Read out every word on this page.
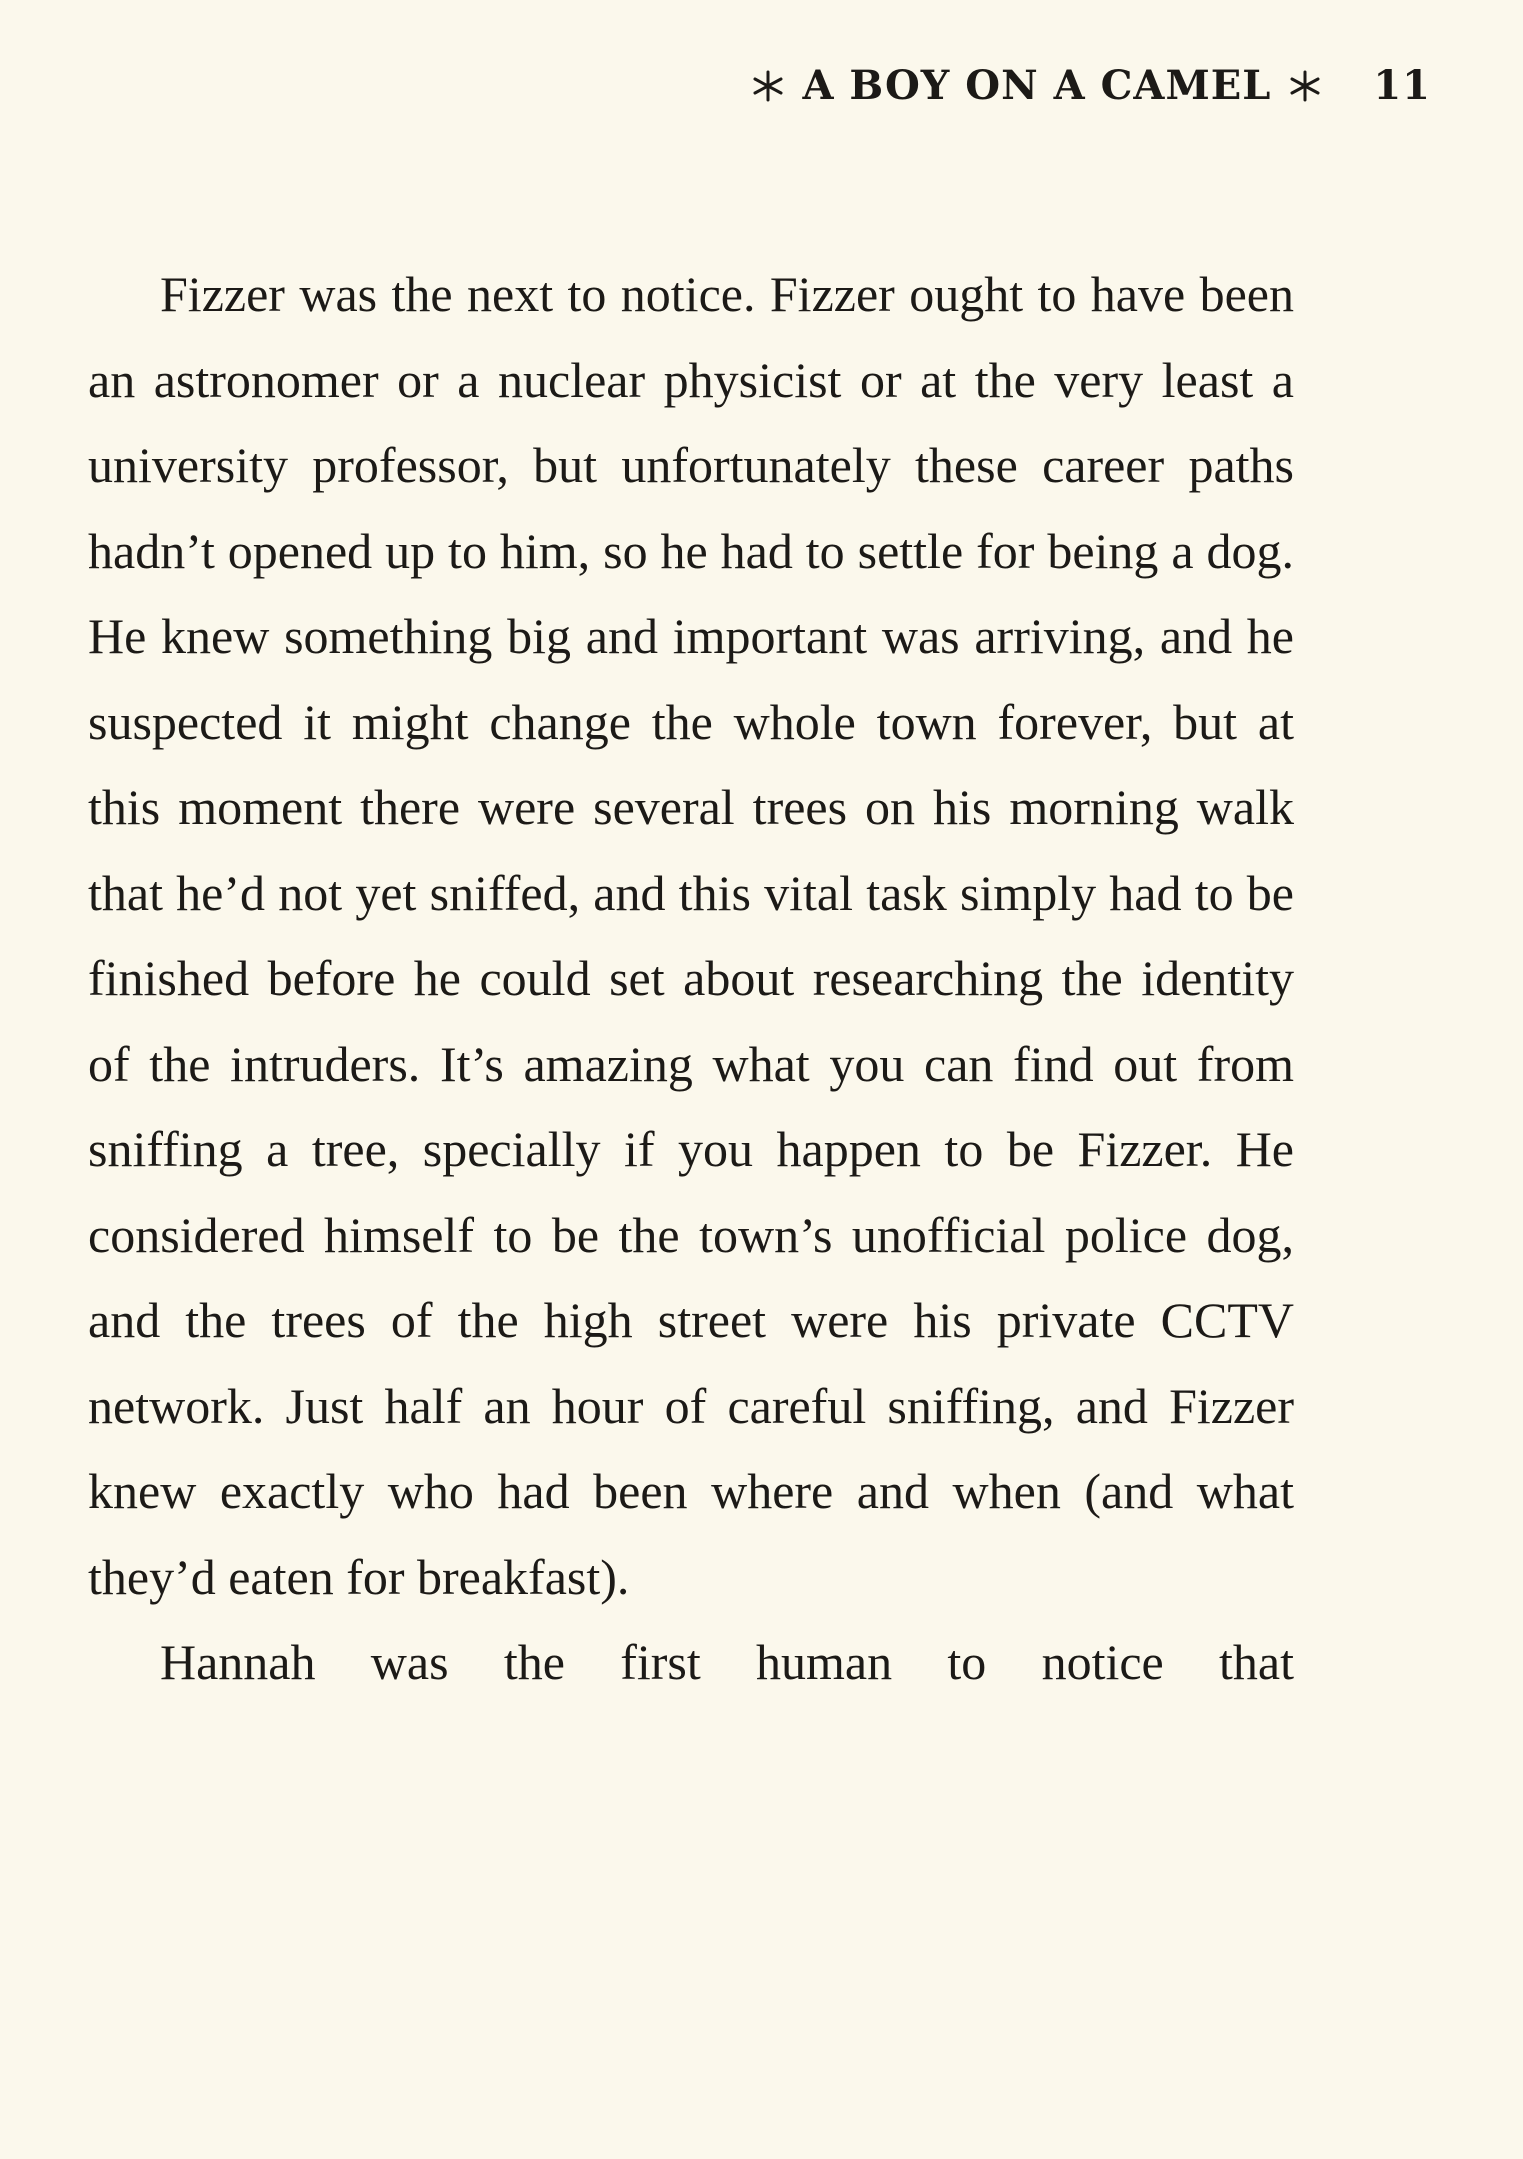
A BOY ON A CAMEL	11

Fizzer was the next to notice. Fizzer ought to have been an astronomer or a nuclear physicist or at the very least a university professor, but unfortunately these career paths hadn’t opened up to him, so he had to settle for being a dog. He knew something big and important was arriving, and he suspected it might change the whole town forever, but at this moment there were several trees on his morning walk that he’d not yet sniffed, and this vital task simply had to be finished before he could set about researching the identity of the intruders. It’s amazing what you can find out from sniffing a tree, specially if you happen to be Fizzer. He considered himself to be the town’s unofficial police dog, and the trees of the high street were his private CCTV network. Just half an hour of careful sniffing, and Fizzer knew exactly who had been where and when (and what they’d eaten for breakfast).

Hannah was the first human to notice that
